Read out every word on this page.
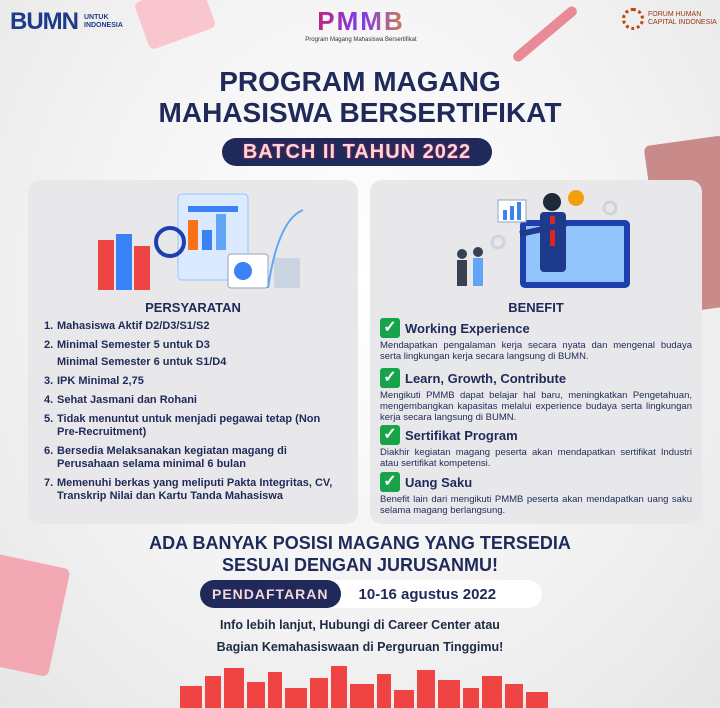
BUMN UNTUK INDONESIA	PMMB
Program Magang Mahasiswa Bersertifikat
FORUM HUMAN CAPITAL INDONESIA
PROGRAM MAGANG
MAHASISWA BERSERTIFIKAT
BATCH II TAHUN 2022
PERSYARATAN
1. Mahasiswa Aktif D2/D3/S1/S2
2. Minimal Semester 5 untuk D3
Minimal Semester 6 untuk S1/D4
3. IPK Minimal 2,75
4. Sehat Jasmani dan Rohani
5. Tidak menuntut untuk menjadi pegawai tetap (Non Pre-Recruitment)
6. Bersedia Melaksanakan kegiatan magang di Perusahaan selama minimal 6 bulan
7. Memenuhi berkas yang meliputi Pakta Integritas, CV, Transkrip Nilai dan Kartu Tanda Mahasiswa
BENEFIT
✓ Working Experience
Mendapatkan pengalaman kerja secara nyata dan mengenal budaya serta lingkungan kerja secara langsung di BUMN.
✓ Learn, Growth, Contribute
Mengikuti PMMB dapat belajar hal baru, meningkatkan Pengetahuan, mengembangkan kapasitas melalui experience budaya serta lingkungan kerja secara langsung di BUMN.
✓ Sertifikat Program
Diakhir kegiatan magang peserta akan mendapatkan sertifikat Industri atau sertifikat kompetensi.
✓ Uang Saku
Benefit lain dari mengikuti PMMB peserta akan mendapatkan uang saku selama magang berlangsung.
ADA BANYAK POSISI MAGANG YANG TERSEDIA
SESUAI DENGAN JURUSANMU!
PENDAFTARAN	10-16 agustus 2022
Info lebih lanjut, Hubungi di Career Center atau
Bagian Kemahasiswaan di Perguruan Tinggimu!
